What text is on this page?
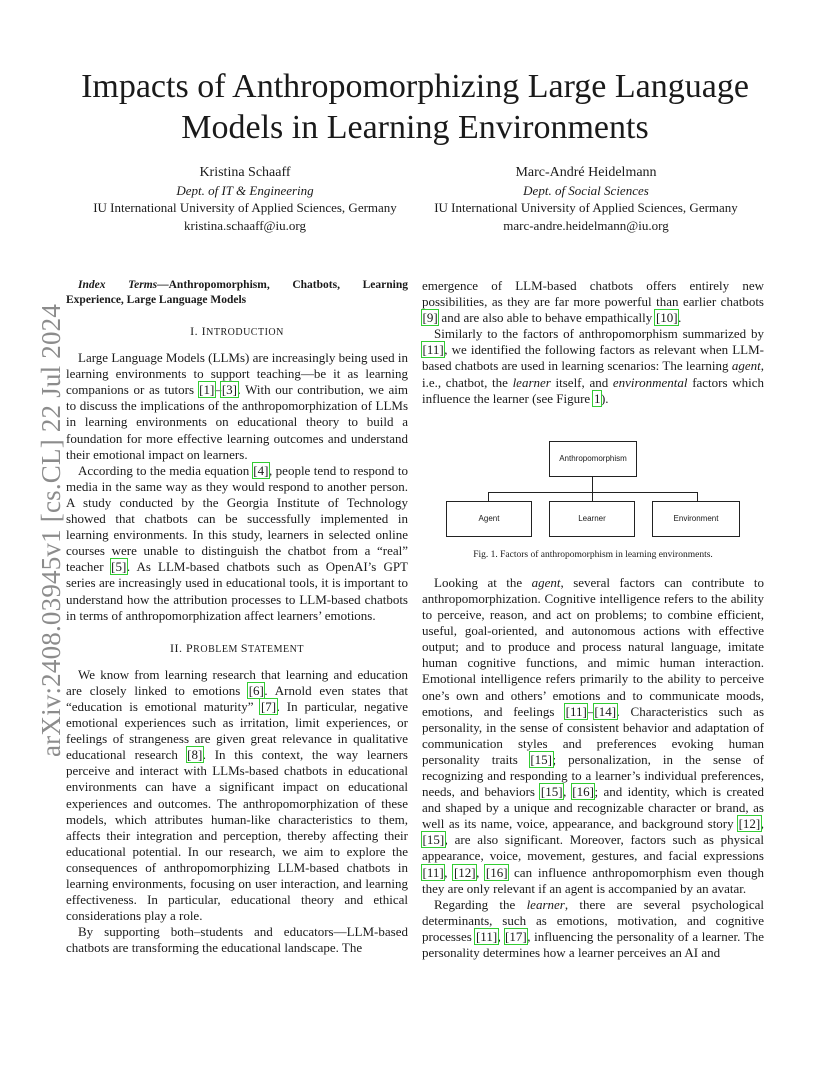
arXiv:2408.03945v1 [cs.CL] 22 Jul 2024
Impacts of Anthropomorphizing Large Language Models in Learning Environments
Kristina Schaaff
Dept. of IT & Engineering
IU International University of Applied Sciences, Germany
kristina.schaaff@iu.org
Marc-André Heidelmann
Dept. of Social Sciences
IU International University of Applied Sciences, Germany
marc-andre.heidelmann@iu.org

Index Terms—Anthropomorphism, Chatbots, Learning Experience, Large Language Models

I. INTRODUCTION

Large Language Models (LLMs) are increasingly being used in learning environments to support teaching—be it as learning companions or as tutors [1]–[3]. With our contribution, we aim to discuss the implications of the anthropomorphization of LLMs in learning environments on educational theory to build a foundation for more effective learning outcomes and understand their emotional impact on learners.

According to the media equation [4], people tend to respond to media in the same way as they would respond to another person. A study conducted by the Georgia Institute of Technology showed that chatbots can be successfully implemented in learning environments. In this study, learners in selected online courses were unable to distinguish the chatbot from a “real” teacher [5]. As LLM-based chatbots such as OpenAI’s GPT series are increasingly used in educational tools, it is important to understand how the attribution processes to LLM-based chatbots in terms of anthropomorphization affect learners’ emotions.

II. PROBLEM STATEMENT

We know from learning research that learning and education are closely linked to emotions [6]. Arnold even states that “education is emotional maturity” [7]. In particular, negative emotional experiences such as irritation, limit experiences, or feelings of strangeness are given great relevance in qualitative educational research [8]. In this context, the way learners perceive and interact with LLMs-based chatbots in educational environments can have a significant impact on educational experiences and outcomes. The anthropomorphization of these models, which attributes human-like characteristics to them, affects their integration and perception, thereby affecting their educational potential. In our research, we aim to explore the consequences of anthropomorphizing LLM-based chatbots in learning environments, focusing on user interaction, and learning effectiveness. In particular, educational theory and ethical considerations play a role.

By supporting both–students and educators—LLM-based chatbots are transforming the educational landscape. The

emergence of LLM-based chatbots offers entirely new possibilities, as they are far more powerful than earlier chatbots [9] and are also able to behave empathically [10].

Similarly to the factors of anthropomorphism summarized by [11], we identified the following factors as relevant when LLM-based chatbots are used in learning scenarios: The learning agent, i.e., chatbot, the learner itself, and environmental factors which influence the learner (see Figure 1).

Anthropomorphism
Agent	Learner	Environment

Fig. 1. Factors of anthropomorphism in learning environments.

Looking at the agent, several factors can contribute to anthropomorphization. Cognitive intelligence refers to the ability to perceive, reason, and act on problems; to combine efficient, useful, goal-oriented, and autonomous actions with effective output; and to produce and process natural language, imitate human cognitive functions, and mimic human interaction. Emotional intelligence refers primarily to the ability to perceive one’s own and others’ emotions and to communicate moods, emotions, and feelings [11]–[14]. Characteristics such as personality, in the sense of consistent behavior and adaptation of communication styles and preferences evoking human personality traits [15]; personalization, in the sense of recognizing and responding to a learner’s individual preferences, needs, and behaviors [15], [16]; and identity, which is created and shaped by a unique and recognizable character or brand, as well as its name, voice, appearance, and background story [12], [15], are also significant. Moreover, factors such as physical appearance, voice, movement, gestures, and facial expressions [11], [12], [16] can influence anthropomorphism even though they are only relevant if an agent is accompanied by an avatar.

Regarding the learner, there are several psychological determinants, such as emotions, motivation, and cognitive processes [11], [17], influencing the personality of a learner. The personality determines how a learner perceives an AI and
